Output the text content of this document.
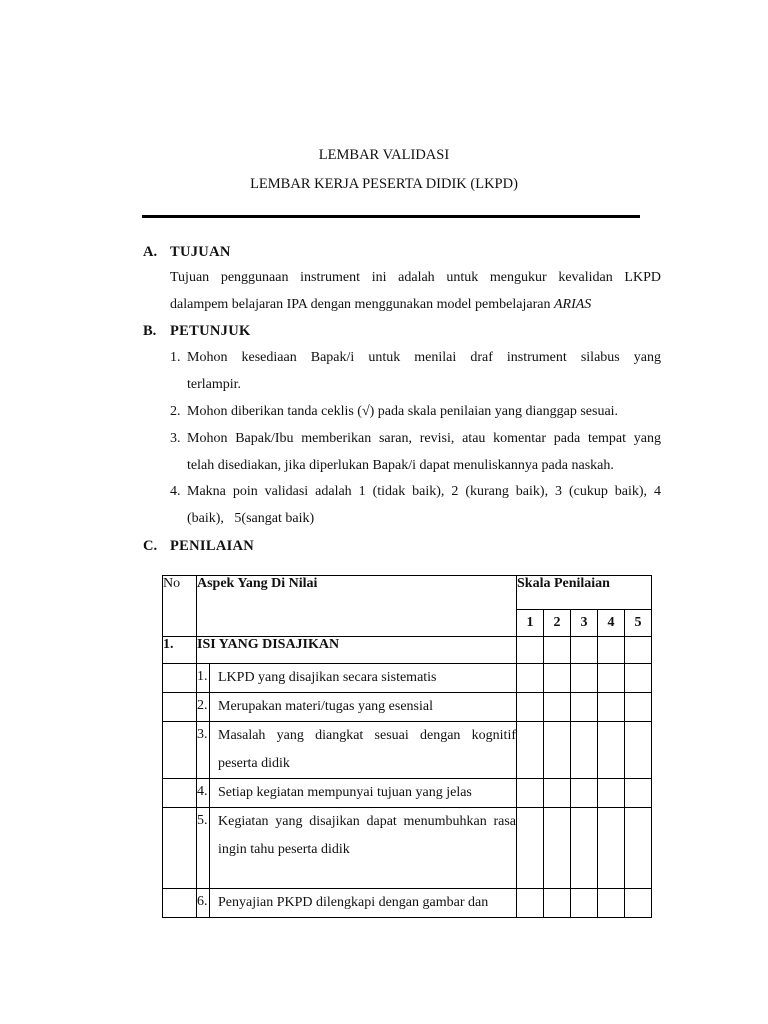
LEMBAR VALIDASI
LEMBAR KERJA PESERTA DIDIK (LKPD)
A. TUJUAN
Tujuan penggunaan instrument ini adalah untuk mengukur kevalidan LKPD
dalampem belajaran IPA dengan menggunakan model pembelajaran ARIAS
B. PETUNJUK
1. Mohon kesediaan Bapak/i untuk menilai draf instrument silabus yang
terlampir.
2. Mohon diberikan tanda ceklis (√) pada skala penilaian yang dianggap sesuai.
3. Mohon Bapak/Ibu memberikan saran, revisi, atau komentar pada tempat yang
telah disediakan, jika diperlukan Bapak/i dapat menuliskannya pada naskah.
4. Makna poin validasi adalah 1 (tidak baik), 2 (kurang baik), 3 (cukup baik), 4
(baik),   5(sangat baik)
C. PENILAIAN
No	Aspek Yang Di Nilai	Skala Penilaian				
		1	2	3	4	5
1.	ISI YANG DISAJIKAN					

	1. LKPD yang disajikan secara sistematis					

	2. Merupakan materi/tugas yang esensial					

	3. Masalah yang diangkat sesuai dengan kognitif peserta didik					

	4. Setiap kegiatan mempunyai tujuan yang jelas					

	5. Kegiatan yang disajikan dapat menumbuhkan rasa ingin tahu peserta didik					

	6. Penyajian PKPD dilengkapi dengan gambar dan					
